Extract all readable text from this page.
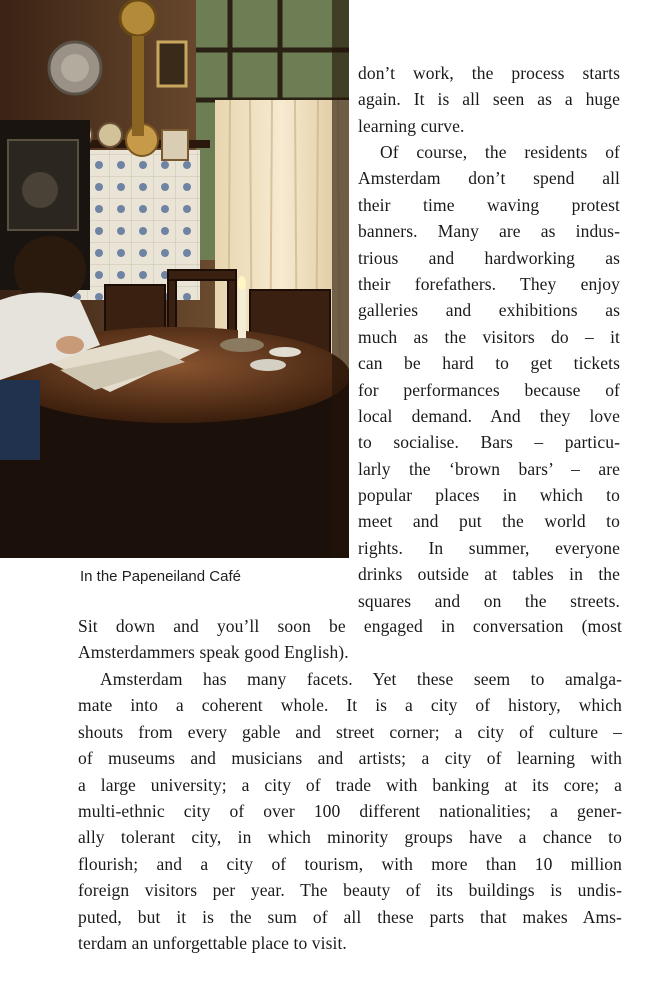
In the Papeneiland Café
don’t work, the process starts
again. It is all seen as a huge
learning curve.
Of course, the residents of
Amsterdam don’t spend all
their time waving protest
banners. Many are as indus-
trious and hardworking as
their forefathers. They enjoy
galleries and exhibitions as
much as the visitors do – it
can be hard to get tickets
for performances because of
local demand. And they love
to socialise. Bars – particu-
larly the ‘brown bars’ – are
popular places in which to
meet and put the world to
rights. In summer, everyone
drinks outside at tables in the
squares and on the streets.
Sit down and you’ll soon be engaged in conversation (most
Amsterdammers speak good English).
Amsterdam has many facets. Yet these seem to amalga-
mate into a coherent whole. It is a city of history, which
shouts from every gable and street corner; a city of culture –
of museums and musicians and artists; a city of learning with
a large university; a city of trade with banking at its core; a
multi-ethnic city of over 100 different nationalities; a gener-
ally tolerant city, in which minority groups have a chance to
flourish; and a city of tourism, with more than 10 million
foreign visitors per year. The beauty of its buildings is undis-
puted, but it is the sum of all these parts that makes Ams-
terdam an unforgettable place to visit.
